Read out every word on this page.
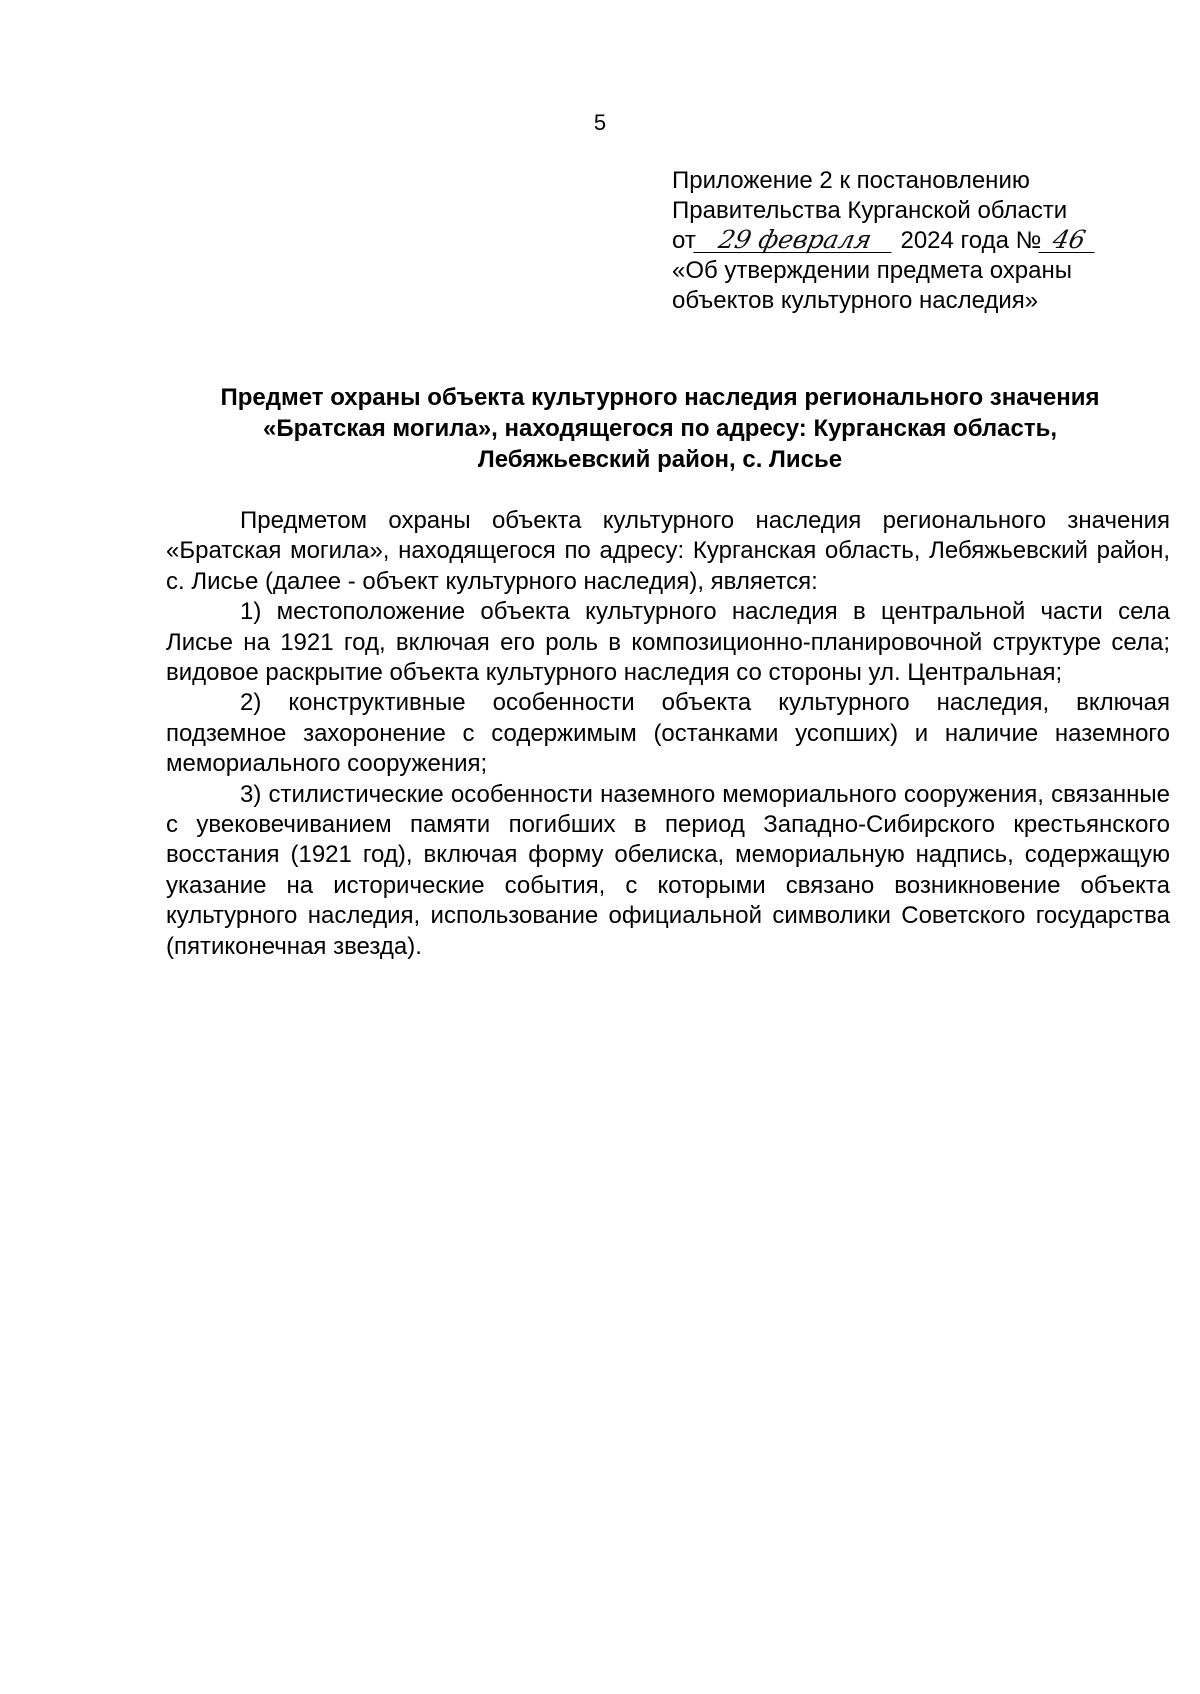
5
Приложение 2 к постановлению
Правительства Курганской области
от 29 февраля 2024 года № 46
«Об утверждении предмета охраны
объектов культурного наследия»
Предмет охраны объекта культурного наследия регионального значения
«Братская могила», находящегося по адресу: Курганская область,
Лебяжьевский район, с. Лисье

Предметом охраны объекта культурного наследия регионального значения «Братская могила», находящегося по адресу: Курганская область, Лебяжьевский район, с. Лисье (далее - объект культурного наследия), является:

1) местоположение объекта культурного наследия в центральной части села Лисье на 1921 год, включая его роль в композиционно-планировочной структуре села; видовое раскрытие объекта культурного наследия со стороны ул. Центральная;

2) конструктивные особенности объекта культурного наследия, включая подземное захоронение с содержимым (останками усопших) и наличие наземного мемориального сооружения;

3) стилистические особенности наземного мемориального сооружения, связанные с увековечиванием памяти погибших в период Западно-Сибирского крестьянского восстания (1921 год), включая форму обелиска, мемориальную надпись, содержащую указание на исторические события, с которыми связано возникновение объекта культурного наследия, использование официальной символики Советского государства (пятиконечная звезда).
